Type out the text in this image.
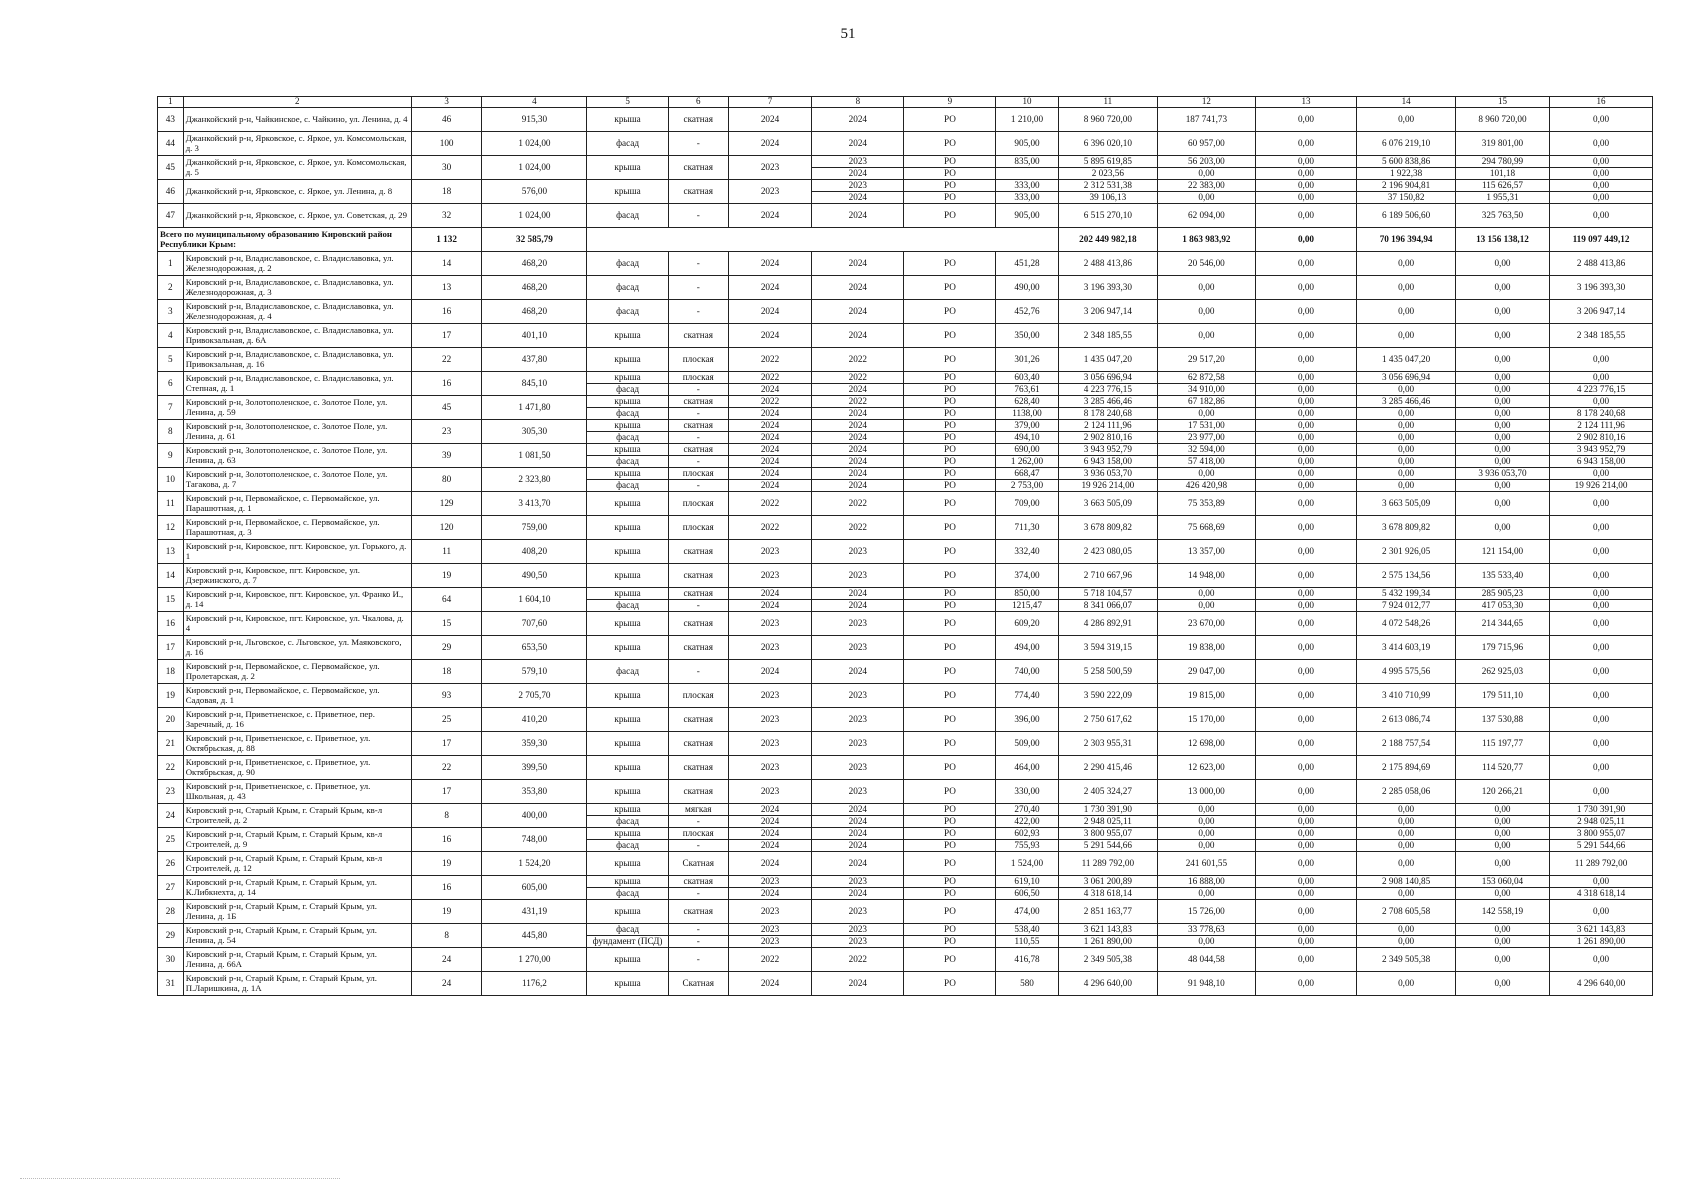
51
1	2	3	4	5	6	7	8	9	10	11	12	13	14	15	16
43	Джанкойский р-н, Чайкинское, с. Чайкино, ул. Ленина, д. 4	46	915,30	крыша	скатная	2024	2024	РО	1 210,00	8 960 720,00	187 741,73	0,00	0,00	8 960 720,00	0,00
44	Джанкойский р-н, Ярковское, с. Яркое, ул. Комсомольская, д. 3	100	1 024,00	фасад	-	2024	2024	РО	905,00	6 396 020,10	60 957,00	0,00	6 076 219,10	319 801,00	0,00
45	Джанкойский р-н, Ярковское, с. Яркое, ул. Комсомольская, д. 5	30	1 024,00	крыша	скатная	2023	2023	РО	835,00	5 895 619,85	56 203,00	0,00	5 600 838,86	294 780,99	0,00
							2024	РО		2 023,56	0,00	0,00	1 922,38	101,18	0,00
46	Джанкойский р-н, Ярковское, с. Яркое, ул. Ленина, д. 8	18	576,00	крыша	скатная	2023	2023	РО	333,00	2 312 531,38	22 383,00	0,00	2 196 904,81	115 626,57	0,00
							2024	РО	333,00	39 106,13	0,00	0,00	37 150,82	1 955,31	0,00
47	Джанкойский р-н, Ярковское, с. Яркое, ул. Советская, д. 29	32	1 024,00	фасад	-	2024	2024	РО	905,00	6 515 270,10	62 094,00	0,00	6 189 506,60	325 763,50	0,00
Всего по муниципальному образованию Кировский район Республики Крым:		1 132	32 585,79							202 449 982,18	1 863 983,92	0,00	70 196 394,94	13 156 138,12	119 097 449,12
1	Кировский р-н, Владиславовское, с. Владиславовка, ул. Железнодорожная, д. 2	14	468,20	фасад	-	2024	2024	РО	451,28	2 488 413,86	20 546,00	0,00	0,00	0,00	2 488 413,86
2	Кировский р-н, Владиславовское, с. Владиславовка, ул. Железнодорожная, д. 3	13	468,20	фасад	-	2024	2024	РО	490,00	3 196 393,30	0,00	0,00	0,00	0,00	3 196 393,30
3	Кировский р-н, Владиславовское, с. Владиславовка, ул. Железнодорожная, д. 4	16	468,20	фасад	-	2024	2024	РО	452,76	3 206 947,14	0,00	0,00	0,00	0,00	3 206 947,14
4	Кировский р-н, Владиславовское, с. Владиславовка, ул. Привокзальная, д. 6А	17	401,10	крыша	скатная	2024	2024	РО	350,00	2 348 185,55	0,00	0,00	0,00	0,00	2 348 185,55
5	Кировский р-н, Владиславовское, с. Владиславовка, ул. Привокзальная, д. 16	22	437,80	крыша	плоская	2022	2022	РО	301,26	1 435 047,20	29 517,20	0,00	1 435 047,20	0,00	0,00
6	Кировский р-н, Владиславовское, с. Владиславовка, ул. Степная, д. 1	16	845,10	крыша	плоская	2022	2022	РО	603,40	3 056 696,94	62 872,58	0,00	3 056 696,94	0,00	0,00
				фасад	-	2024	2024	РО	763,61	4 223 776,15	34 910,00	0,00	0,00	0,00	4 223 776,15
7	Кировский р-н, Золотополенское, с. Золотое Поле, ул. Ленина, д. 59	45	1 471,80	крыша	скатная	2022	2022	РО	628,40	3 285 466,46	67 182,86	0,00	3 285 466,46	0,00	0,00
				фасад	-	2024	2024	РО	1138,00	8 178 240,68	0,00	0,00	0,00	0,00	8 178 240,68
8	Кировский р-н, Золотополенское, с. Золотое Поле, ул. Ленина, д. 61	23	305,30	крыша	скатная	2024	2024	РО	379,00	2 124 111,96	17 531,00	0,00	0,00	0,00	2 124 111,96
				фасад	-	2024	2024	РО	494,10	2 902 810,16	23 977,00	0,00	0,00	0,00	2 902 810,16
9	Кировский р-н, Золотополенское, с. Золотое Поле, ул. Ленина, д. 63	39	1 081,50	крыша	скатная	2024	2024	РО	690,00	3 943 952,79	32 594,00	0,00	0,00	0,00	3 943 952,79
				фасад	-	2024	2024	РО	1 262,00	6 943 158,00	57 418,00	0,00	0,00	0,00	6 943 158,00
10	Кировский р-н, Золотополенское, с. Золотое Поле, ул. Тагакова, д. 7	80	2 323,80	крыша	плоская	2024	2024	РО	668,47	3 936 053,70	0,00	0,00	0,00	3 936 053,70	0,00
				фасад	-	2024	2024	РО	2 753,00	19 926 214,00	426 420,98	0,00	0,00	0,00	19 926 214,00
11	Кировский р-н, Первомайское, с. Первомайское, ул. Парашютная, д. 1	129	3 413,70	крыша	плоская	2022	2022	РО	709,00	3 663 505,09	75 353,89	0,00	3 663 505,09	0,00	0,00
12	Кировский р-н, Первомайское, с. Первомайское, ул. Парашютная, д. 3	120	759,00	крыша	плоская	2022	2022	РО	711,30	3 678 809,82	75 668,69	0,00	3 678 809,82	0,00	0,00
13	Кировский р-н, Кировское, пгт. Кировское, ул. Горького, д. 1	11	408,20	крыша	скатная	2023	2023	РО	332,40	2 423 080,05	13 357,00	0,00	2 301 926,05	121 154,00	0,00
14	Кировский р-н, Кировское, пгт. Кировское, ул. Дзержинского, д. 7	19	490,50	крыша	скатная	2023	2023	РО	374,00	2 710 667,96	14 948,00	0,00	2 575 134,56	135 533,40	0,00
15	Кировский р-н, Кировское, пгт. Кировское, ул. Франко И., д. 14	64	1 604,10	крыша	скатная	2024	2024	РО	850,00	5 718 104,57	0,00	0,00	5 432 199,34	285 905,23	0,00
				фасад	-	2024	2024	РО	1215,47	8 341 066,07	0,00	0,00	7 924 012,77	417 053,30	0,00
16	Кировский р-н, Кировское, пгт. Кировское, ул. Чкалова, д. 4	15	707,60	крыша	скатная	2023	2023	РО	609,20	4 286 892,91	23 670,00	0,00	4 072 548,26	214 344,65	0,00
17	Кировский р-н, Льговское, с. Льговское, ул. Маяковского, д. 16	29	653,50	крыша	скатная	2023	2023	РО	494,00	3 594 319,15	19 838,00	0,00	3 414 603,19	179 715,96	0,00
18	Кировский р-н, Первомайское, с. Первомайское, ул. Пролетарская, д. 2	18	579,10	фасад	-	2024	2024	РО	740,00	5 258 500,59	29 047,00	0,00	4 995 575,56	262 925,03	0,00
19	Кировский р-н, Первомайское, с. Первомайское, ул. Садовая, д. 1	93	2 705,70	крыша	плоская	2023	2023	РО	774,40	3 590 222,09	19 815,00	0,00	3 410 710,99	179 511,10	0,00
20	Кировский р-н, Приветненское, с. Приветное, пер. Заречный, д. 16	25	410,20	крыша	скатная	2023	2023	РО	396,00	2 750 617,62	15 170,00	0,00	2 613 086,74	137 530,88	0,00
21	Кировский р-н, Приветненское, с. Приветное, ул. Октябрьская, д. 88	17	359,30	крыша	скатная	2023	2023	РО	509,00	2 303 955,31	12 698,00	0,00	2 188 757,54	115 197,77	0,00
22	Кировский р-н, Приветненское, с. Приветное, ул. Октябрьская, д. 90	22	399,50	крыша	скатная	2023	2023	РО	464,00	2 290 415,46	12 623,00	0,00	2 175 894,69	114 520,77	0,00
23	Кировский р-н, Приветненское, с. Приветное, ул. Школьная, д. 43	17	353,80	крыша	скатная	2023	2023	РО	330,00	2 405 324,27	13 000,00	0,00	2 285 058,06	120 266,21	0,00
24	Кировский р-н, Старый Крым, г. Старый Крым, кв-л Строителей, д. 2	8	400,00	крыша	мягкая	2024	2024	РО	270,40	1 730 391,90	0,00	0,00	0,00	0,00	1 730 391,90
				фасад	-	2024	2024	РО	422,00	2 948 025,11	0,00	0,00	0,00	0,00	2 948 025,11
25	Кировский р-н, Старый Крым, г. Старый Крым, кв-л Строителей, д. 9	16	748,00	крыша	плоская	2024	2024	РО	602,93	3 800 955,07	0,00	0,00	0,00	0,00	3 800 955,07
				фасад	-	2024	2024	РО	755,93	5 291 544,66	0,00	0,00	0,00	0,00	5 291 544,66
26	Кировский р-н, Старый Крым, г. Старый Крым, кв-л Строителей, д. 12	19	1 524,20	крыша	Скатная	2024	2024	РО	1 524,00	11 289 792,00	241 601,55	0,00	0,00	0,00	11 289 792,00
27	Кировский р-н, Старый Крым, г. Старый Крым, ул. К.Либкнехта, д. 14	16	605,00	крыша	скатная	2023	2023	РО	619,10	3 061 200,89	16 888,00	0,00	2 908 140,85	153 060,04	0,00
				фасад	-	2024	2024	РО	606,50	4 318 618,14	0,00	0,00	0,00	0,00	4 318 618,14
28	Кировский р-н, Старый Крым, г. Старый Крым, ул. Ленина, д. 1Б	19	431,19	крыша	скатная	2023	2023	РО	474,00	2 851 163,77	15 726,00	0,00	2 708 605,58	142 558,19	0,00
29	Кировский р-н, Старый Крым, г. Старый Крым, ул. Ленина, д. 54	8	445,80	фасад	-	2023	2023	РО	538,40	3 621 143,83	33 778,63	0,00	0,00	0,00	3 621 143,83
				фундамент (ПСД)	-	2023	2023	РО	110,55	1 261 890,00	0,00	0,00	0,00	0,00	1 261 890,00
30	Кировский р-н, Старый Крым, г. Старый Крым, ул. Ленина, д. 66А	24	1 270,00	крыша	-	2022	2022	РО	416,78	2 349 505,38	48 044,58	0,00	2 349 505,38	0,00	0,00
31	Кировский р-н, Старый Крым, г. Старый Крым, ул. П.Ларишкина, д. 1А	24	1176,2	крыша	Скатная	2024	2024	РО	580	4 296 640,00	91 948,10	0,00	0,00	0,00	4 296 640,00
